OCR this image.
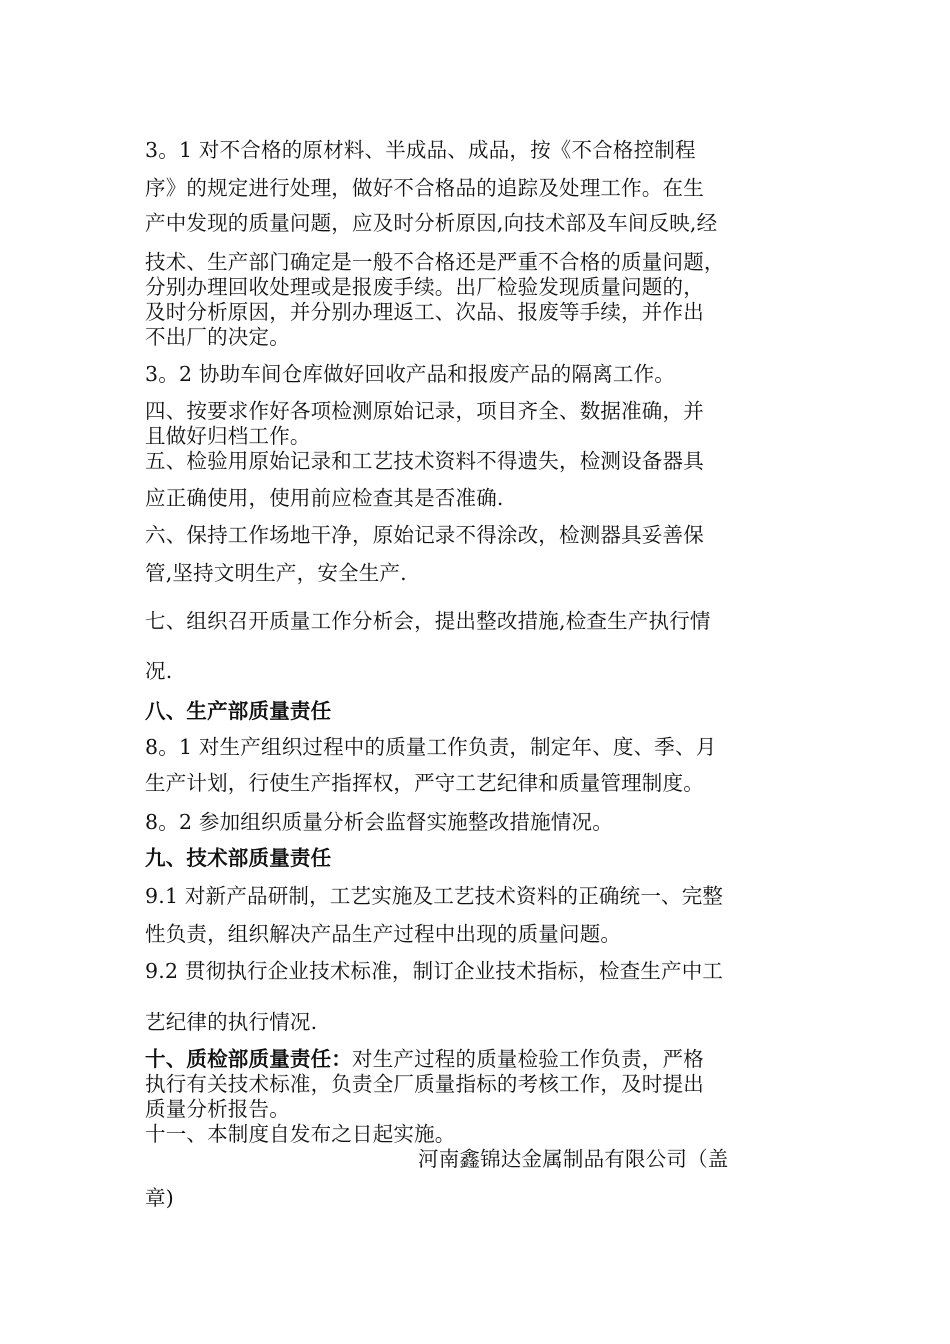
3。1 对不合格的原材料、半成品、成品，按《不合格控制程
序》的规定进行处理，做好不合格品的追踪及处理工作。在生
产中发现的质量问题，应及时分析原因,向技术部及车间反映,经
技术、生产部门确定是一般不合格还是严重不合格的质量问题，
分别办理回收处理或是报废手续。出厂检验发现质量问题的，
及时分析原因，并分别办理返工、次品、报废等手续，并作出
不出厂的决定。
3。2 协助车间仓库做好回收产品和报废产品的隔离工作。
四、按要求作好各项检测原始记录，项目齐全、数据准确，并
且做好归档工作。
五、检验用原始记录和工艺技术资料不得遗失，检测设备器具
应正确使用，使用前应检查其是否准确.
六、保持工作场地干净，原始记录不得涂改，检测器具妥善保
管,坚持文明生产，安全生产.
七、组织召开质量工作分析会，提出整改措施,检查生产执行情
况.
八、生产部质量责任
8。1 对生产组织过程中的质量工作负责，制定年、度、季、月
生产计划，行使生产指挥权，严守工艺纪律和质量管理制度。
8。2 参加组织质量分析会监督实施整改措施情况。
九、技术部质量责任
9.1 对新产品研制，工艺实施及工艺技术资料的正确统一、完整
性负责，组织解决产品生产过程中出现的质量问题。
9.2 贯彻执行企业技术标准，制订企业技术指标，检查生产中工
艺纪律的执行情况.
十、质检部质量责任：对生产过程的质量检验工作负责，严格
执行有关技术标准，负责全厂质量指标的考核工作，及时提出
质量分析报告。
十一、本制度自发布之日起实施。
河南鑫锦达金属制品有限公司（盖
章)
